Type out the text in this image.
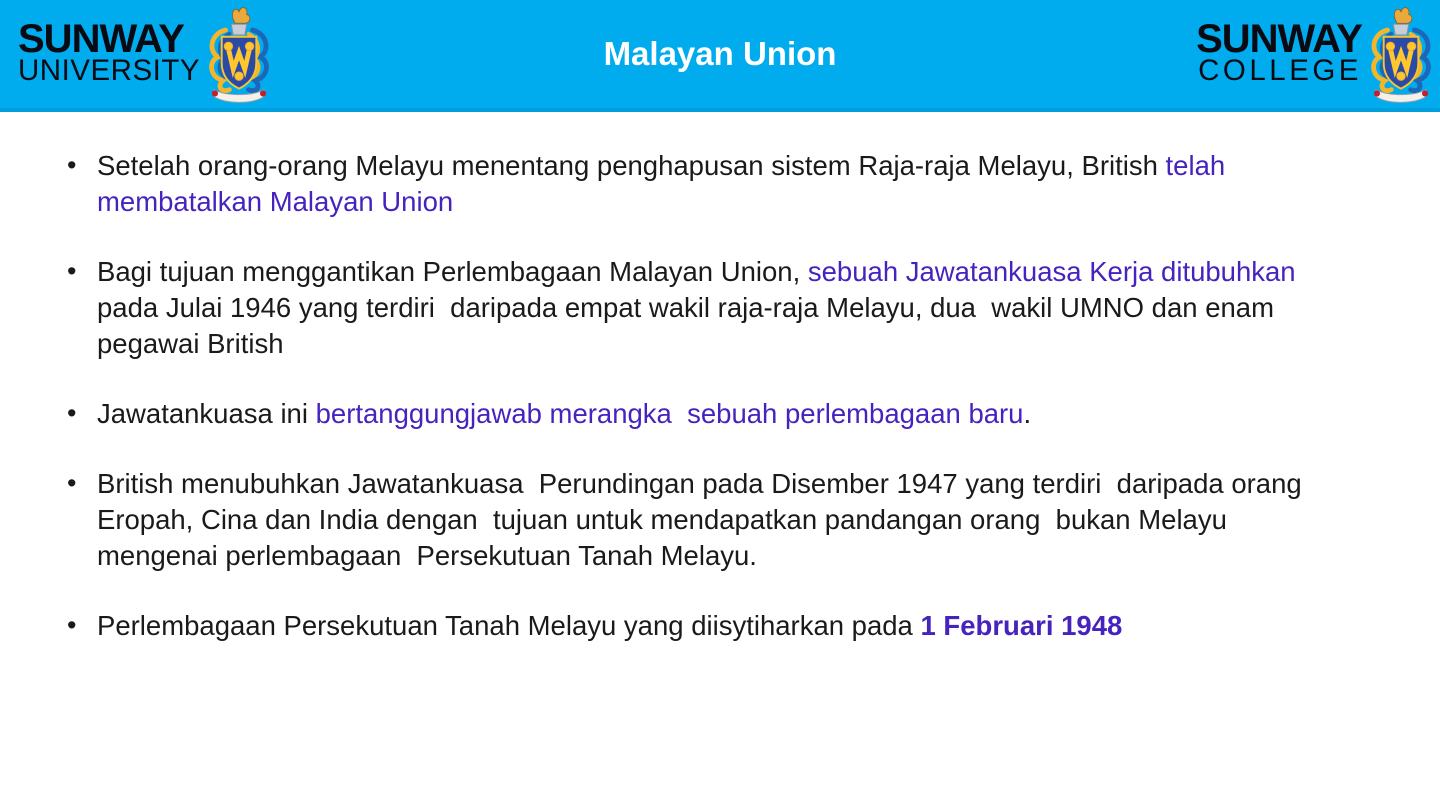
SUNWAY
UNIVERSITY	Malayan Union	SUNWAY
COLLEGE
• Setelah orang-orang Melayu menentang penghapusan sistem Raja-raja Melayu, British telah membatalkan Malayan Union
• Bagi tujuan menggantikan Perlembagaan Malayan Union, sebuah Jawatankuasa Kerja ditubuhkan pada Julai 1946 yang terdiri  daripada empat wakil raja-raja Melayu, dua  wakil UMNO dan enam pegawai British
• Jawatankuasa ini bertanggungjawab merangka  sebuah perlembagaan baru.
• British menubuhkan Jawatankuasa  Perundingan pada Disember 1947 yang terdiri  daripada orang Eropah, Cina dan India dengan  tujuan untuk mendapatkan pandangan orang  bukan Melayu mengenai perlembagaan  Persekutuan Tanah Melayu.
• Perlembagaan Persekutuan Tanah Melayu yang diisytiharkan pada 1 Februari 1948
